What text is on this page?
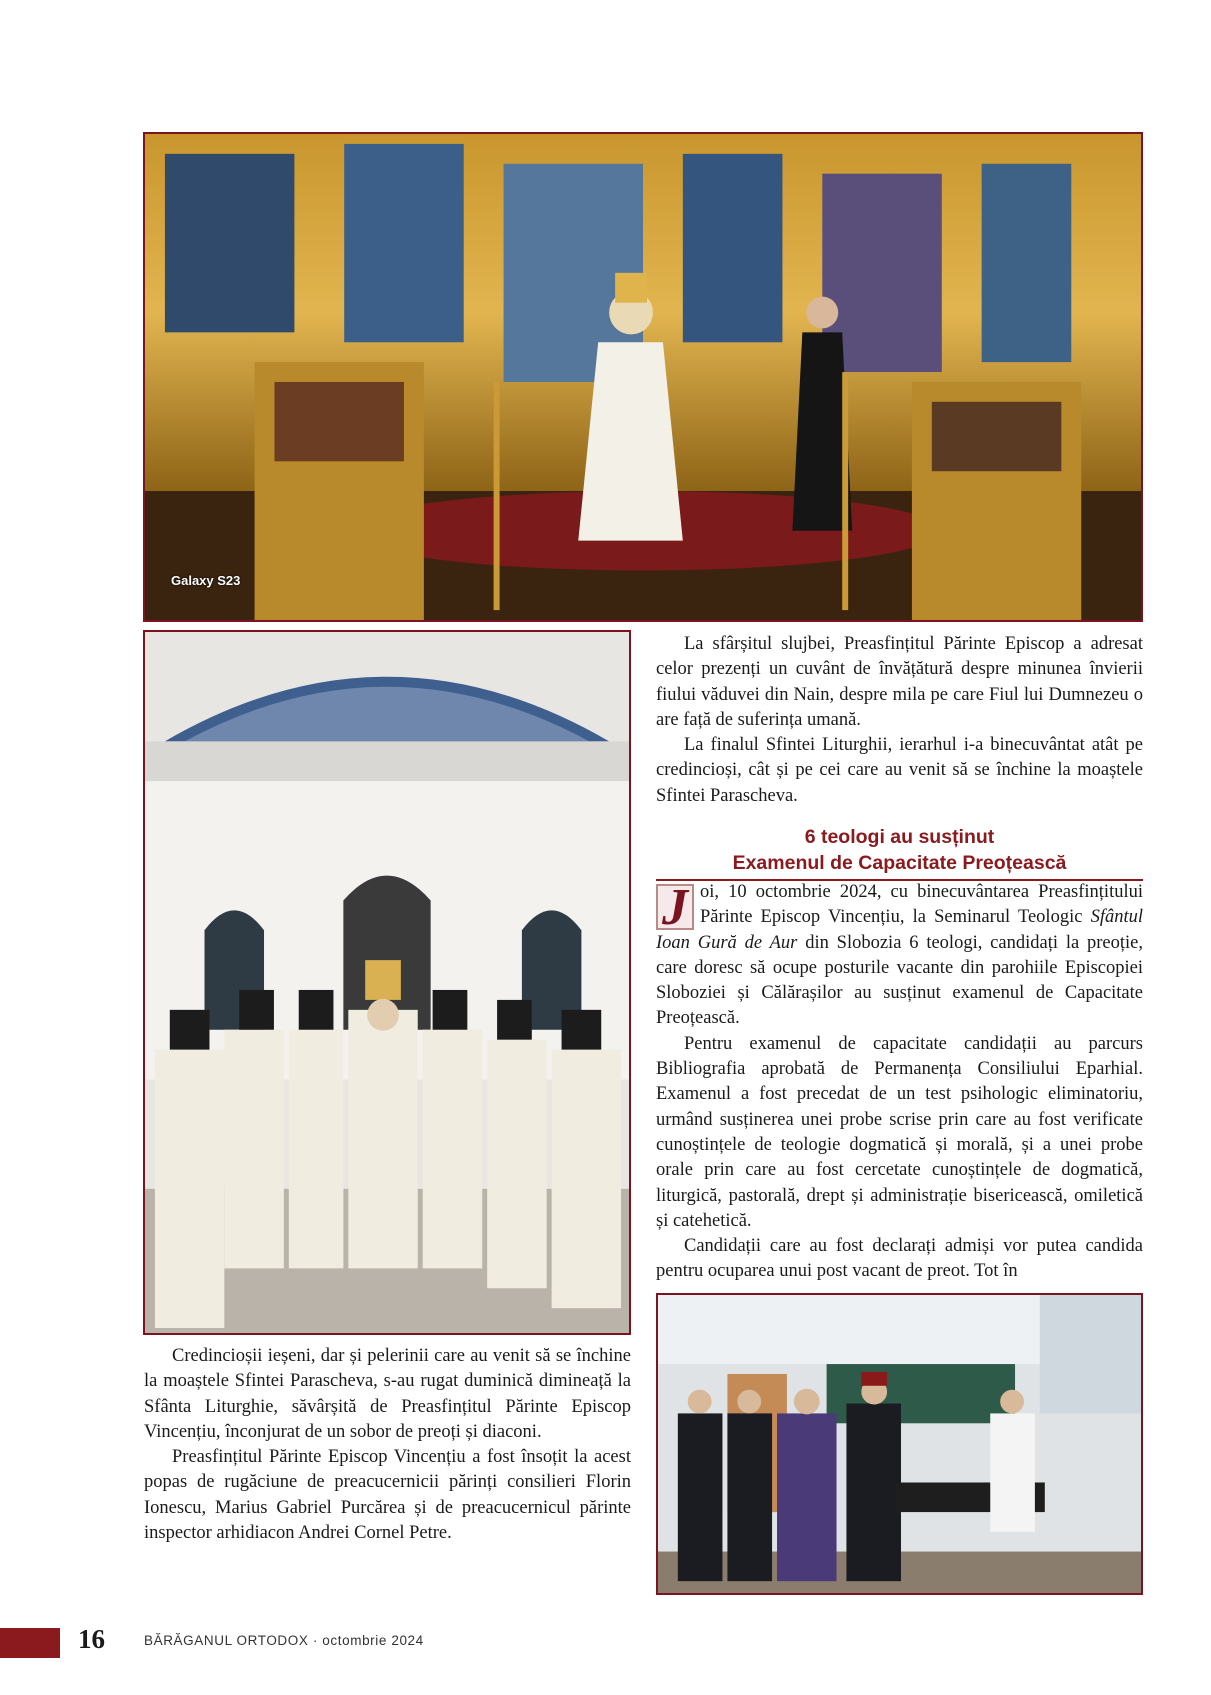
Galaxy S23

La sfârșitul slujbei, Preasfințitul Părinte Episcop a adresat celor prezenți un cuvânt de învățătură despre minunea învierii fiului văduvei din Nain, despre mila pe care Fiul lui Dumnezeu o are față de suferința umană.

La finalul Sfintei Liturghii, ierarhul i-a binecuvântat atât pe credincioși, cât și pe cei care au venit să se închine la moaștele Sfintei Parascheva.

6 teologi au susținut
Examenul de Capacitate Preoțească

J oi, 10 octombrie 2024, cu binecuvântarea Preasfințitului Părinte Episcop Vincențiu, la Seminarul Teologic Sfântul Ioan Gură de Aur din Slobozia 6 teologi, candidați la preoție, care doresc să ocupe posturile vacante din parohiile Episcopiei Sloboziei și Călărașilor au susținut examenul de Capacitate Preoțească.

Pentru examenul de capacitate candidații au parcurs Bibliografia aprobată de Permanența Consiliului Eparhial. Examenul a fost precedat de un test psihologic eliminatoriu, urmând susținerea unei probe scrise prin care au fost verificate cunoștințele de teologie dogmatică și morală, și a unei probe orale prin care au fost cercetate cunoștințele de dogmatică, liturgică, pastorală, drept și administrație bisericească, omiletică și catehetică.

Candidații care au fost declarați admiși vor putea candida pentru ocuparea unui post vacant de preot. Tot în

Credincioșii ieșeni, dar și pelerinii care au venit să se închine la moaștele Sfintei Parascheva, s-au rugat duminică dimineață la Sfânta Liturghie, săvârșită de Preasfințitul Părinte Episcop Vincențiu, înconjurat de un sobor de preoți și diaconi.

Preasfințitul Părinte Episcop Vincențiu a fost însoțit la acest popas de rugăciune de preacucernicii părinți consilieri Florin Ionescu, Marius Gabriel Purcărea și de preacucernicul părinte inspector arhidiacon Andrei Cornel Petre.

16	BĂRĂGANUL ORTODOX · octombrie 2024
